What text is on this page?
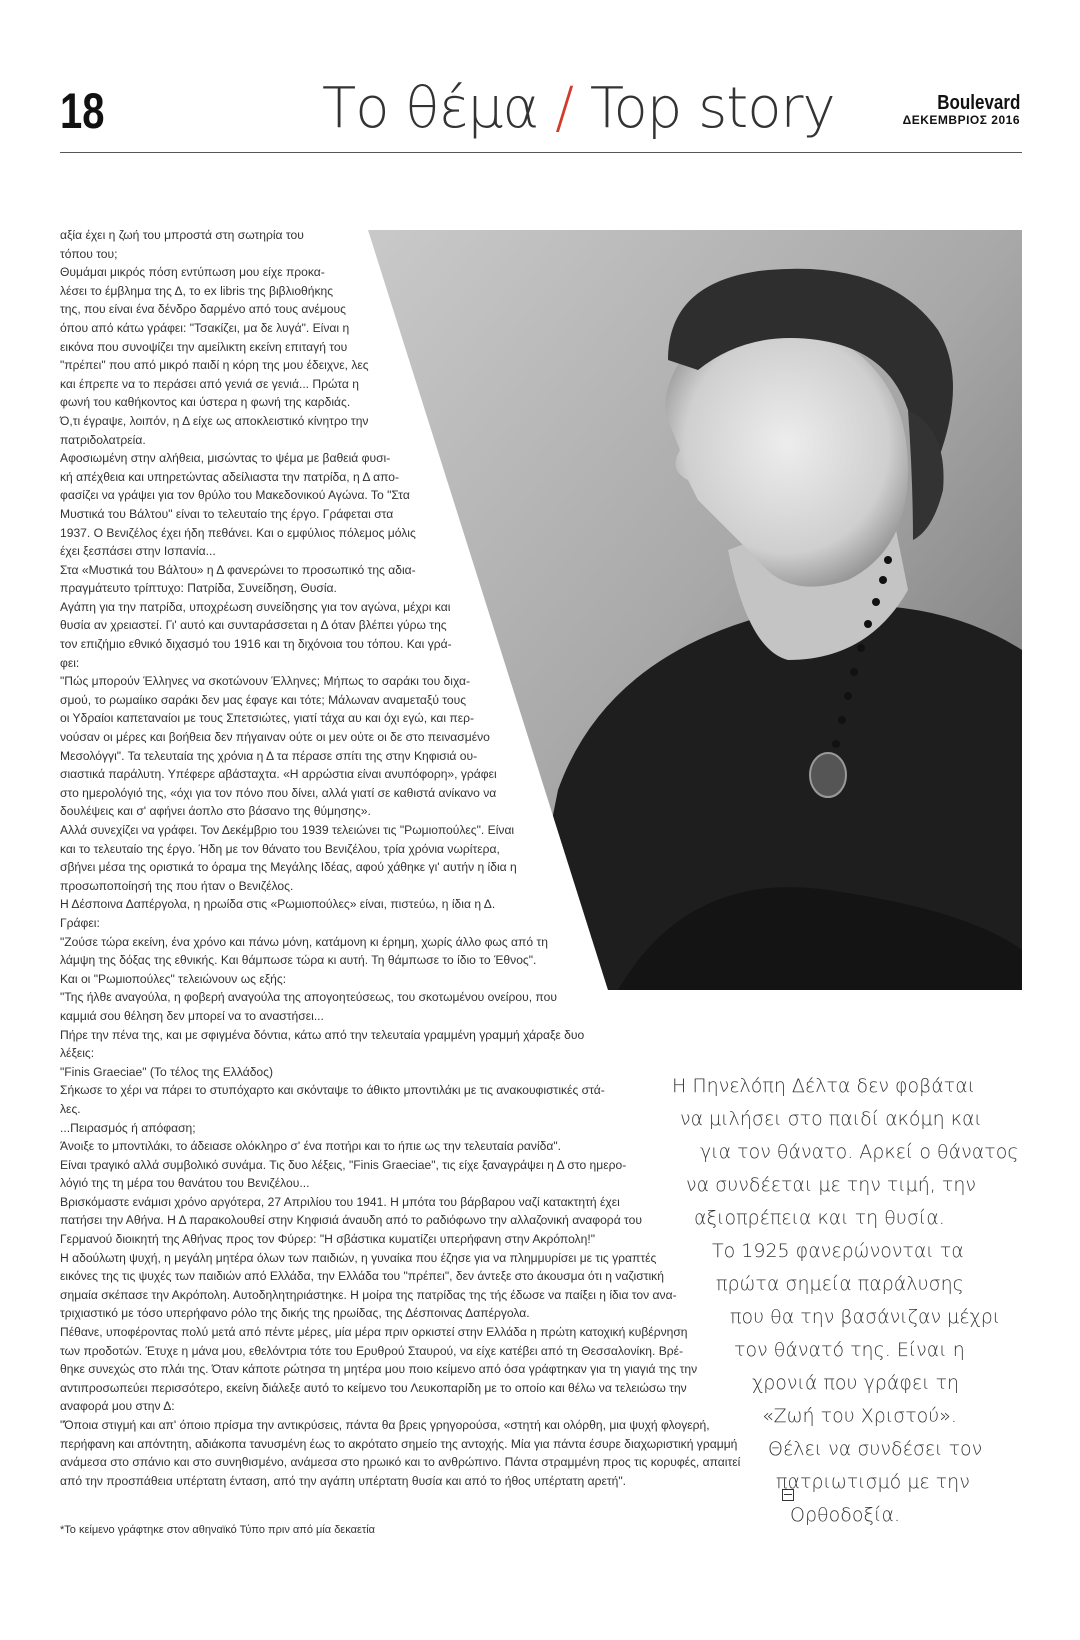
18	Το θέμα / Top story	Boulevard
ΔΕΚΕΜΒΡΙΟΣ 2016
αξία έχει η ζωή του μπροστά στη σωτηρία του
τόπου του;
Θυμάμαι μικρός πόση εντύπωση μου είχε προκα-
λέσει το έμβλημα της Δ, το ex libris της βιβλιοθήκης
της, που είναι ένα δένδρο δαρμένο από τους ανέμους
όπου από κάτω γράφει: "Τσακίζει, μα δε λυγά". Είναι η
εικόνα που συνοψίζει την αμείλικτη εκείνη επιταγή του
"πρέπει" που από μικρό παιδί η κόρη της μου έδειχνε, λες
και έπρεπε να το περάσει από γενιά σε γενιά... Πρώτα η
φωνή του καθήκοντος και ύστερα η φωνή της καρδιάς.
Ό,τι έγραψε, λοιπόν, η Δ είχε ως αποκλειστικό κίνητρο την
πατριδολατρεία.
Αφοσιωμένη στην αλήθεια, μισώντας το ψέμα με βαθειά φυσι-
κή απέχθεια και υπηρετώντας αδείλιαστα την πατρίδα, η Δ απο-
φασίζει να γράψει για τον θρύλο του Μακεδονικού Αγώνα. Το "Στα
Μυστικά του Βάλτου" είναι το τελευταίο της έργο. Γράφεται στα
1937. Ο Βενιζέλος έχει ήδη πεθάνει. Και ο εμφύλιος πόλεμος μόλις
έχει ξεσπάσει στην Ισπανία...
Στα «Μυστικά του Βάλτου» η Δ φανερώνει το προσωπικό της αδια-
πραγμάτευτο τρίπτυχο: Πατρίδα, Συνείδηση, Θυσία.
Αγάπη για την πατρίδα, υποχρέωση συνείδησης για τον αγώνα, μέχρι και
θυσία αν χρειαστεί. Γι' αυτό και συνταράσσεται η Δ όταν βλέπει γύρω της
τον επιζήμιο εθνικό διχασμό του 1916 και τη διχόνοια του τόπου. Και γρά-
φει:
"Πώς μπορούν Έλληνες να σκοτώνουν Έλληνες; Μήπως το σαράκι του διχα-
σμού, το ρωμαίικο σαράκι δεν μας έφαγε και τότε; Μάλωναν αναμεταξύ τους
οι Υδραίοι καπεταναίοι με τους Σπετσιώτες, γιατί τάχα αυ και όχι εγώ, και περ-
νούσαν οι μέρες και βοήθεια δεν πήγαιναν ούτε οι μεν ούτε οι δε στο πεινασμένο
Μεσολόγγι". Τα τελευταία της χρόνια η Δ τα πέρασε σπίτι της στην Κηφισιά ου-
σιαστικά παράλυτη. Υπέφερε αβάσταχτα. «Η αρρώστια είναι ανυπόφορη», γράφει
στο ημερολόγιό της, «όχι για τον πόνο που δίνει, αλλά γιατί σε καθιστά ανίκανο να
δουλέψεις και σ' αφήνει άοπλο στο βάσανο της θύμησης».
Αλλά συνεχίζει να γράφει. Τον Δεκέμβριο του 1939 τελειώνει τις "Ρωμιοπούλες". Είναι
και το τελευταίο της έργο. Ήδη με τον θάνατο του Βενιζέλου, τρία χρόνια νωρίτερα,
σβήνει μέσα της οριστικά το όραμα της Μεγάλης Ιδέας, αφού χάθηκε γι' αυτήν η ίδια η
προσωποποίησή της που ήταν ο Βενιζέλος.
Η Δέσποινα Δαπέργολα, η ηρωίδα στις «Ρωμιοπούλες» είναι, πιστεύω, η ίδια η Δ.
Γράφει:
"Ζούσε τώρα εκείνη, ένα χρόνο και πάνω μόνη, κατάμονη κι έρημη, χωρίς άλλο φως από τη
λάμψη της δόξας της εθνικής. Και θάμπωσε τώρα κι αυτή. Τη θάμπωσε το ίδιο το Έθνος".
Και οι "Ρωμιοπούλες" τελειώνουν ως εξής:
"Της ήλθε αναγούλα, η φοβερή αναγούλα της απογοητεύσεως, του σκοτωμένου ονείρου, που
καμμιά σου θέληση δεν μπορεί να το αναστήσει...
Πήρε την πένα της, και με σφιγμένα δόντια, κάτω από την τελευταία γραμμένη γραμμή χάραξε δυο
λέξεις:
"Finis Graeciae" (Το τέλος της Ελλάδος)
Σήκωσε το χέρι να πάρει το στυπόχαρτο και σκόνταψε το άθικτο μποντιλάκι με τις ανακουφιστικές στά-
λες.
...Πειρασμός ή απόφαση;
Άνοιξε το μποντιλάκι, το άδειασε ολόκληρο σ' ένα ποτήρι και το ήπιε ως την τελευταία ρανίδα".
Είναι τραγικό αλλά συμβολικό συνάμα. Τις δυο λέξεις, "Finis Graeciae", τις είχε ξαναγράψει η Δ στο ημερο-
λόγιό της τη μέρα του θανάτου του Βενιζέλου...
Βρισκόμαστε ενάμισι χρόνο αργότερα, 27 Απριλίου του 1941. Η μπότα του βάρβαρου ναζί κατακτητή έχει
πατήσει την Αθήνα. Η Δ παρακολουθεί στην Κηφισιά άναυδη από το ραδιόφωνο την αλλαζονική αναφορά του
Γερμανού διοικητή της Αθήνας προς τον Φύρερ: "Η σβάστικα κυματίζει υπερήφανη στην Ακρόπολη!"
Η αδούλωτη ψυχή, η μεγάλη μητέρα όλων των παιδιών, η γυναίκα που έζησε για να πλημμυρίσει με τις γραπτές
εικόνες της τις ψυχές των παιδιών από Ελλάδα, την Ελλάδα του "πρέπει", δεν άντεξε στο άκουσμα ότι η ναζιστική
σημαία σκέπασε την Ακρόπολη. Αυτοδηλητηριάστηκε. Η μοίρα της πατρίδας της τής έδωσε να παίξει η ίδια τον ανα-
τριχιαστικό με τόσο υπερήφανο ρόλο της δικής της ηρωίδας, της Δέσποινας Δαπέργολα.
Πέθανε, υποφέροντας πολύ μετά από πέντε μέρες, μία μέρα πριν ορκιστεί στην Ελλάδα η πρώτη κατοχική κυβέρνηση
των προδοτών. Έτυχε η μάνα μου, εθελόντρια τότε του Ερυθρού Σταυρού, να είχε κατέβει από τη Θεσσαλονίκη. Βρέ-
θηκε συνεχώς στο πλάι της. Όταν κάποτε ρώτησα τη μητέρα μου ποιο κείμενο από όσα γράφτηκαν για τη γιαγιά της την
αντιπροσωπεύει περισσότερο, εκείνη διάλεξε αυτό το κείμενο του Λευκοπαρίδη με το οποίο και θέλω να τελειώσω την
αναφορά μου στην Δ:
"Όποια στιγμή και απ' όποιο πρίσμα την αντικρύσεις, πάντα θα βρεις γρηγορούσα, «στητή και ολόρθη, μια ψυχή φλογερή,
περήφανη και απόντητη, αδιάκοπα τανυσμένη έως το ακρότατο σημείο της αντοχής. Μία για πάντα έσυρε διαχωριστική γραμμή
ανάμεσα στο σπάνιο και στο συνηθισμένο, ανάμεσα στο ηρωικό και το ανθρώπινο. Πάντα στραμμένη προς τις κορυφές, απαιτεί
από την προσπάθεια υπέρτατη ένταση, από την αγάπη υπέρτατη θυσία και από το ήθος υπέρτατη αρετή".
Η Πηνελόπη Δέλτα δεν φοβάται
να μιλήσει στο παιδί ακόμη και
για τον θάνατο. Αρκεί ο θάνατος
να συνδέεται με την τιμή, την
αξιοπρέπεια και τη θυσία.
Το 1925 φανερώνονται τα
πρώτα σημεία παράλυσης
που θα την βασάνιζαν μέχρι
τον θάνατό της. Είναι η
χρονιά που γράφει τη
«Ζωή του Χριστού».
Θέλει να συνδέσει τον
πατριωτισμό με την
Ορθοδοξία.
*Το κείμενο γράφτηκε στον αθηναϊκό Τύπο πριν από μία δεκαετία
